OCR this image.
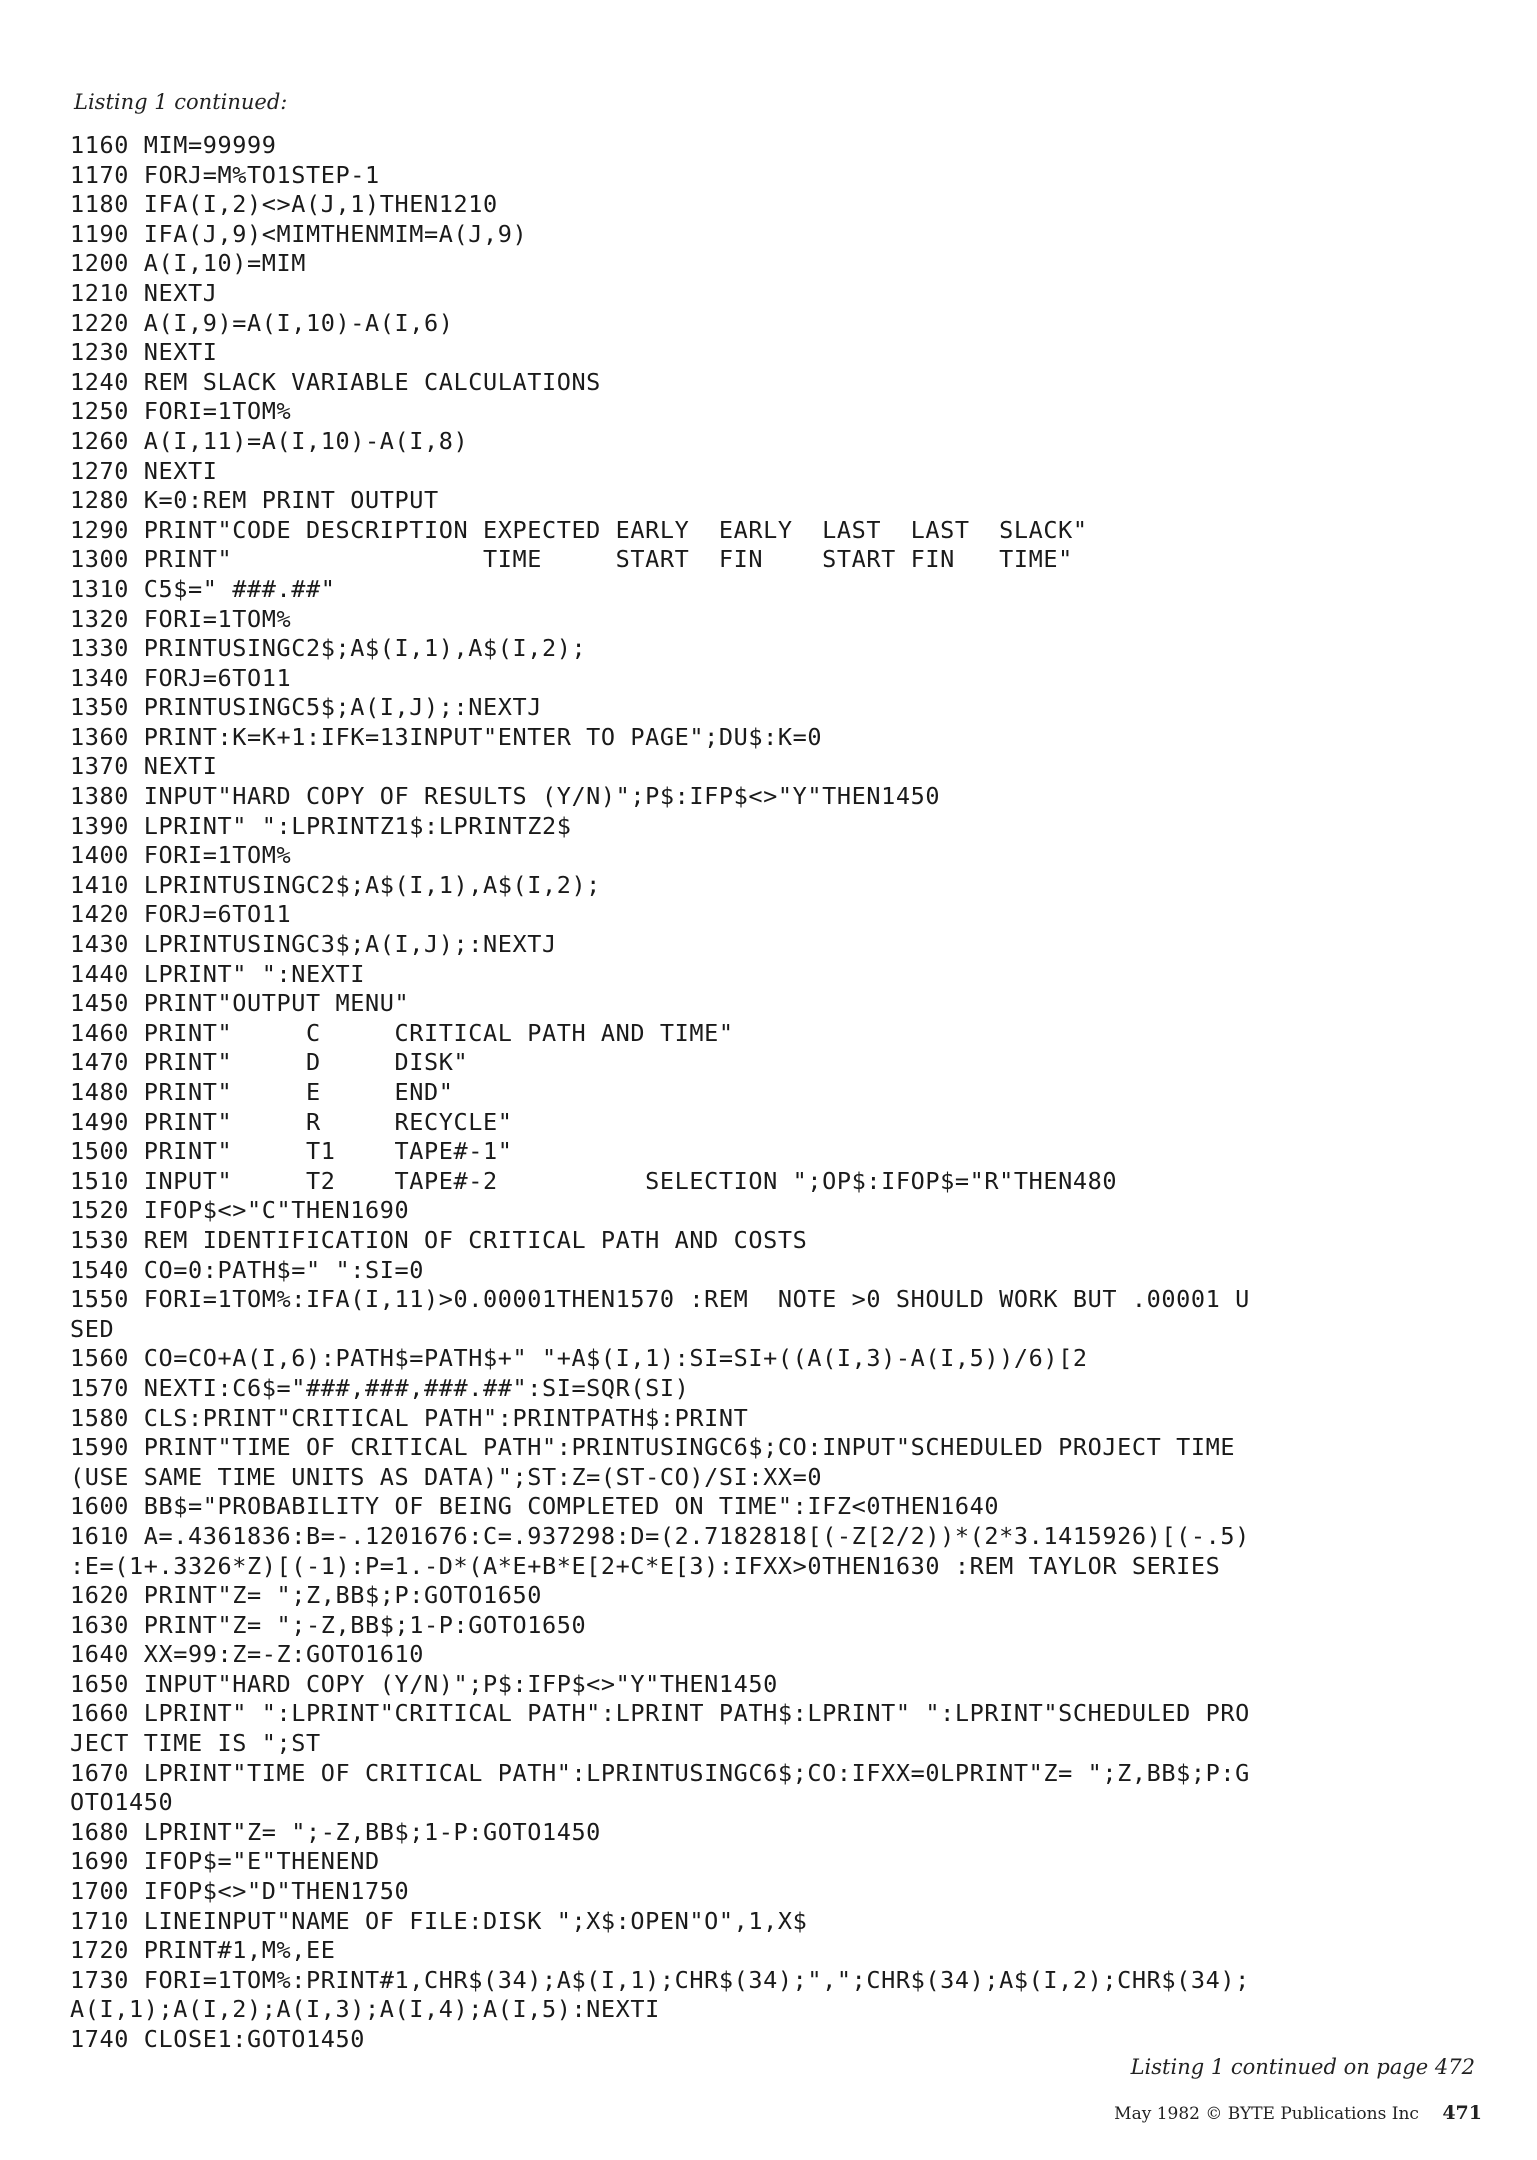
Listing 1 continued:
1160 MIM=99999
1170 FORJ=M%TO1STEP-1
1180 IFA(I,2)<>A(J,1)THEN1210
1190 IFA(J,9)<MIMTHENMIM=A(J,9)
1200 A(I,10)=MIM
1210 NEXTJ
1220 A(I,9)=A(I,10)-A(I,6)
1230 NEXTI
1240 REM SLACK VARIABLE CALCULATIONS
1250 FORI=1TOM%
1260 A(I,11)=A(I,10)-A(I,8)
1270 NEXTI
1280 K=0:REM PRINT OUTPUT
1290 PRINT"CODE DESCRIPTION EXPECTED EARLY  EARLY  LAST  LAST  SLACK"
1300 PRINT"                 TIME     START  FIN    START FIN   TIME"
1310 C5$=" ###.##"
1320 FORI=1TOM%
1330 PRINTUSINGC2$;A$(I,1),A$(I,2);
1340 FORJ=6TO11
1350 PRINTUSINGC5$;A(I,J);:NEXTJ
1360 PRINT:K=K+1:IFK=13INPUT"ENTER TO PAGE";DU$:K=0
1370 NEXTI
1380 INPUT"HARD COPY OF RESULTS (Y/N)";P$:IFP$<>"Y"THEN1450
1390 LPRINT" ":LPRINTZ1$:LPRINTZ2$
1400 FORI=1TOM%
1410 LPRINTUSINGC2$;A$(I,1),A$(I,2);
1420 FORJ=6TO11
1430 LPRINTUSINGC3$;A(I,J);:NEXTJ
1440 LPRINT" ":NEXTI
1450 PRINT"OUTPUT MENU"
1460 PRINT"     C     CRITICAL PATH AND TIME"
1470 PRINT"     D     DISK"
1480 PRINT"     E     END"
1490 PRINT"     R     RECYCLE"
1500 PRINT"     T1    TAPE#-1"
1510 INPUT"     T2    TAPE#-2          SELECTION ";OP$:IFOP$="R"THEN480
1520 IFOP$<>"C"THEN1690
1530 REM IDENTIFICATION OF CRITICAL PATH AND COSTS
1540 CO=0:PATH$=" ":SI=0
1550 FORI=1TOM%:IFA(I,11)>0.00001THEN1570 :REM  NOTE >0 SHOULD WORK BUT .00001 U
SED
1560 CO=CO+A(I,6):PATH$=PATH$+" "+A$(I,1):SI=SI+((A(I,3)-A(I,5))/6)[2
1570 NEXTI:C6$="###,###,###.##":SI=SQR(SI)
1580 CLS:PRINT"CRITICAL PATH":PRINTPATH$:PRINT
1590 PRINT"TIME OF CRITICAL PATH":PRINTUSINGC6$;CO:INPUT"SCHEDULED PROJECT TIME
(USE SAME TIME UNITS AS DATA)";ST:Z=(ST-CO)/SI:XX=0
1600 BB$="PROBABILITY OF BEING COMPLETED ON TIME":IFZ<0THEN1640
1610 A=.4361836:B=-.1201676:C=.937298:D=(2.7182818[(-Z[2/2))*(2*3.1415926)[(-.5)
:E=(1+.3326*Z)[(-1):P=1.-D*(A*E+B*E[2+C*E[3):IFXX>0THEN1630 :REM TAYLOR SERIES
1620 PRINT"Z= ";Z,BB$;P:GOTO1650
1630 PRINT"Z= ";-Z,BB$;1-P:GOTO1650
1640 XX=99:Z=-Z:GOTO1610
1650 INPUT"HARD COPY (Y/N)";P$:IFP$<>"Y"THEN1450
1660 LPRINT" ":LPRINT"CRITICAL PATH":LPRINT PATH$:LPRINT" ":LPRINT"SCHEDULED PRO
JECT TIME IS ";ST
1670 LPRINT"TIME OF CRITICAL PATH":LPRINTUSINGC6$;CO:IFXX=0LPRINT"Z= ";Z,BB$;P:G
OTO1450
1680 LPRINT"Z= ";-Z,BB$;1-P:GOTO1450
1690 IFOP$="E"THENEND
1700 IFOP$<>"D"THEN1750
1710 LINEINPUT"NAME OF FILE:DISK ";X$:OPEN"O",1,X$
1720 PRINT#1,M%,EE
1730 FORI=1TOM%:PRINT#1,CHR$(34);A$(I,1);CHR$(34);",";CHR$(34);A$(I,2);CHR$(34);
A(I,1);A(I,2);A(I,3);A(I,4);A(I,5):NEXTI
1740 CLOSE1:GOTO1450
Listing 1 continued on page 472
May 1982 © BYTE Publications Inc 471
